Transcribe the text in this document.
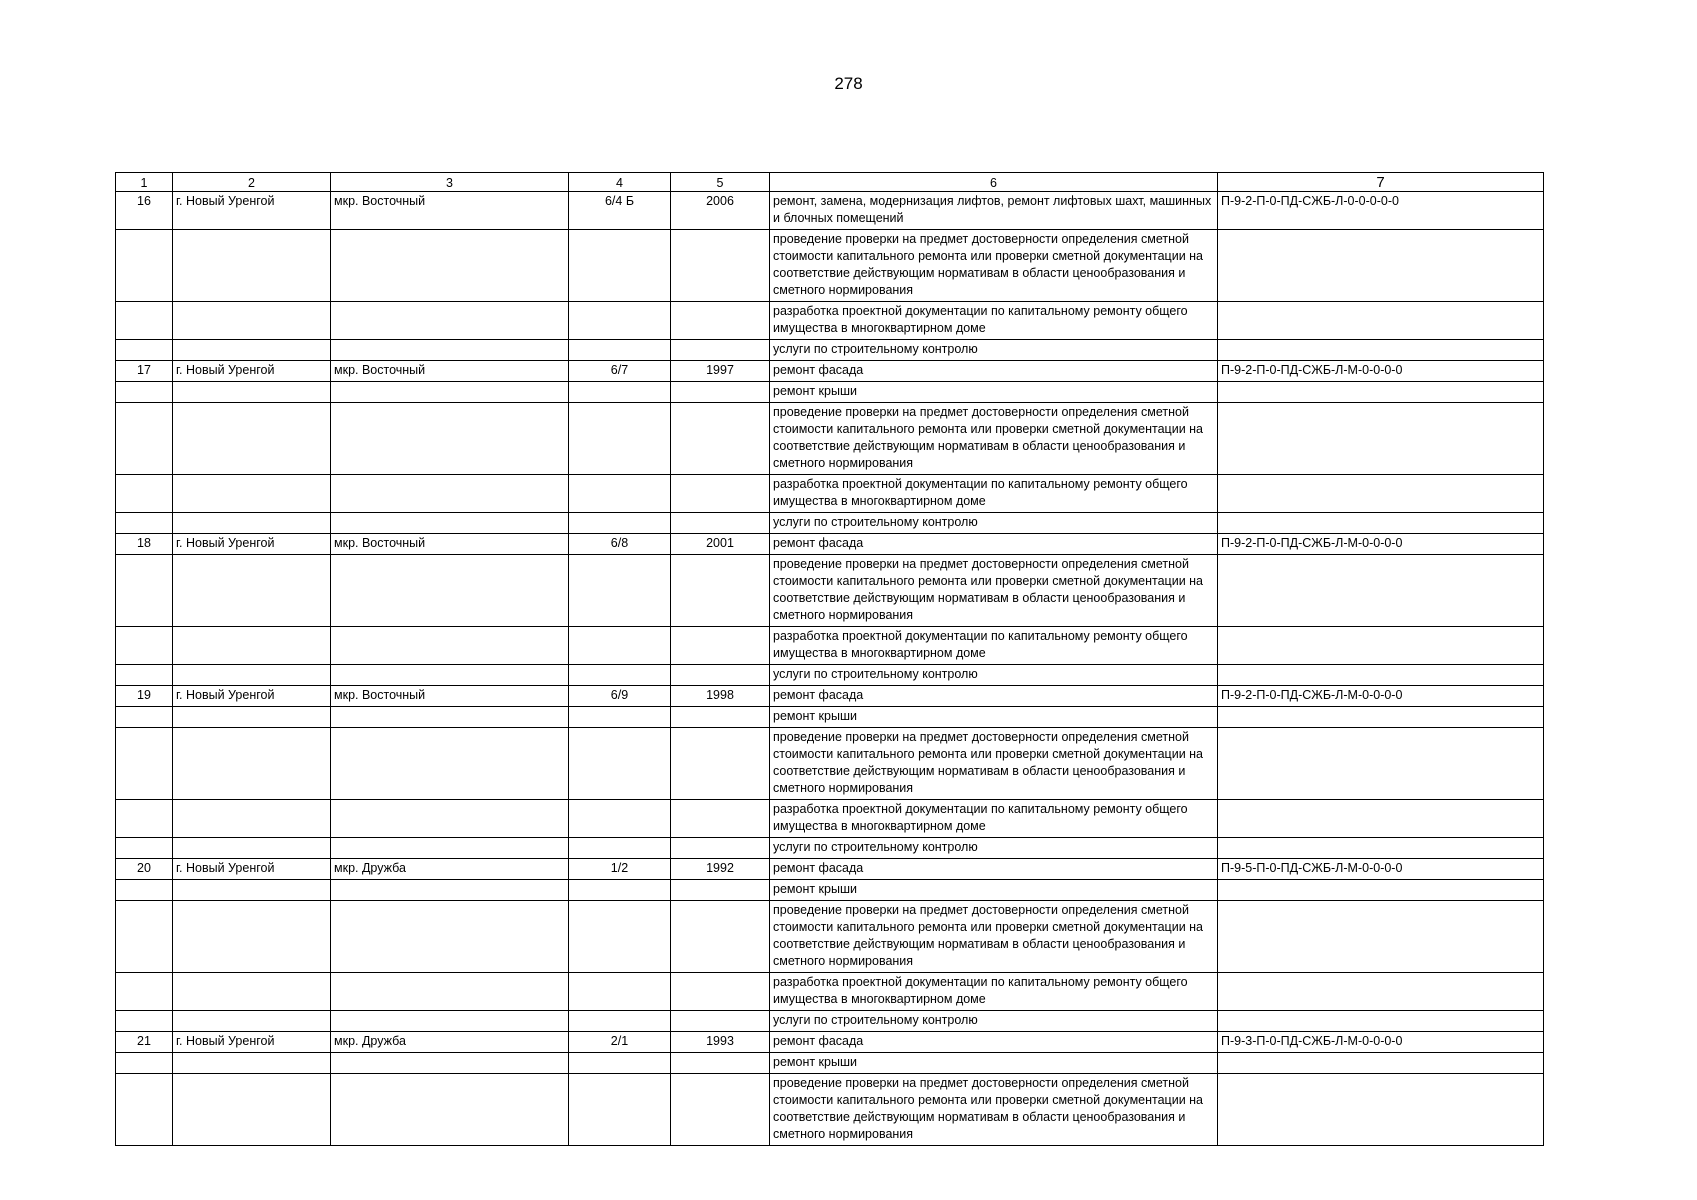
278
1	2	3	4	5	6	7
16	г. Новый Уренгой	мкр. Восточный	6/4 Б	2006	ремонт, замена, модернизация лифтов, ремонт лифтовых шахт, машинных и блочных помещений	П-9-2-П-0-ПД-СЖБ-Л-0-0-0-0-0
					проведение проверки на предмет достоверности определения сметной стоимости капитального ремонта или проверки сметной документации на соответствие действующим нормативам в области ценообразования и сметного нормирования	
					разработка проектной документации по капитальному ремонту общего имущества в многоквартирном доме	
					услуги по строительному контролю	
17	г. Новый Уренгой	мкр. Восточный	6/7	1997	ремонт фасада	П-9-2-П-0-ПД-СЖБ-Л-М-0-0-0-0
					ремонт крыши	
					проведение проверки на предмет достоверности определения сметной стоимости капитального ремонта или проверки сметной документации на соответствие действующим нормативам в области ценообразования и сметного нормирования	
					разработка проектной документации по капитальному ремонту общего имущества в многоквартирном доме	
					услуги по строительному контролю	
18	г. Новый Уренгой	мкр. Восточный	6/8	2001	ремонт фасада	П-9-2-П-0-ПД-СЖБ-Л-М-0-0-0-0
					проведение проверки на предмет достоверности определения сметной стоимости капитального ремонта или проверки сметной документации на соответствие действующим нормативам в области ценообразования и сметного нормирования	
					разработка проектной документации по капитальному ремонту общего имущества в многоквартирном доме	
					услуги по строительному контролю	
19	г. Новый Уренгой	мкр. Восточный	6/9	1998	ремонт фасада	П-9-2-П-0-ПД-СЖБ-Л-М-0-0-0-0
					ремонт крыши	
					проведение проверки на предмет достоверности определения сметной стоимости капитального ремонта или проверки сметной документации на соответствие действующим нормативам в области ценообразования и сметного нормирования	
					разработка проектной документации по капитальному ремонту общего имущества в многоквартирном доме	
					услуги по строительному контролю	
20	г. Новый Уренгой	мкр. Дружба	1/2	1992	ремонт фасада	П-9-5-П-0-ПД-СЖБ-Л-М-0-0-0-0
					ремонт крыши	
					проведение проверки на предмет достоверности определения сметной стоимости капитального ремонта или проверки сметной документации на соответствие действующим нормативам в области ценообразования и сметного нормирования	
					разработка проектной документации по капитальному ремонту общего имущества в многоквартирном доме	
					услуги по строительному контролю	
21	г. Новый Уренгой	мкр. Дружба	2/1	1993	ремонт фасада	П-9-3-П-0-ПД-СЖБ-Л-М-0-0-0-0
					ремонт крыши	
					проведение проверки на предмет достоверности определения сметной стоимости капитального ремонта или проверки сметной документации на соответствие действующим нормативам в области ценообразования и сметного нормирования	
